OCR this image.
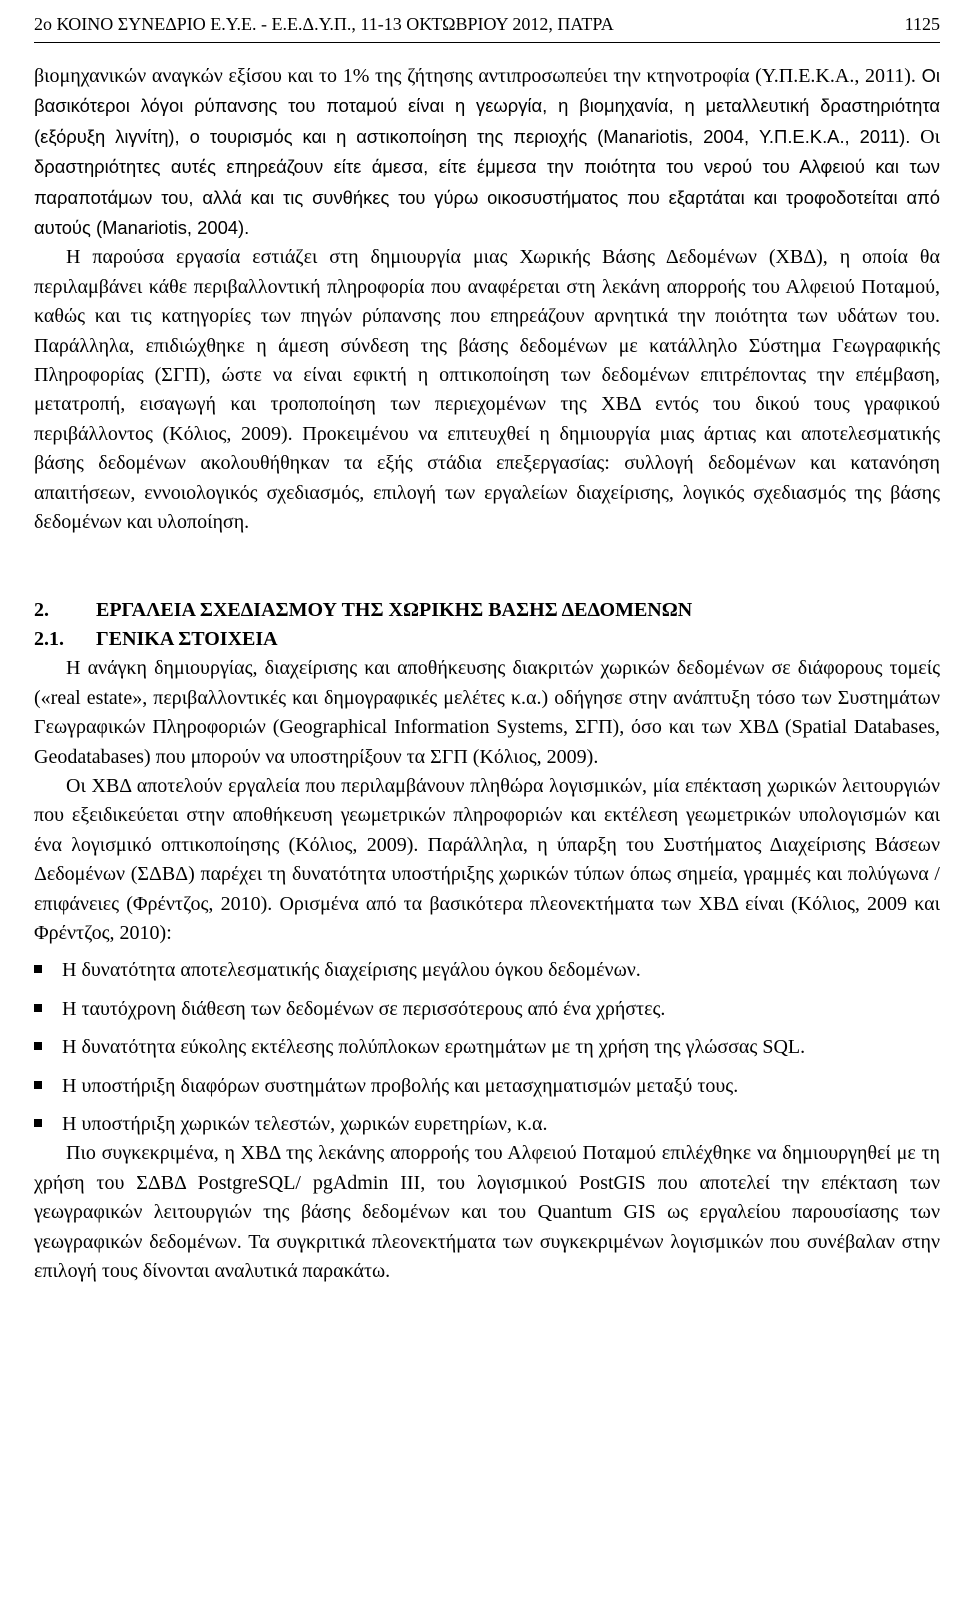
2ο ΚΟΙΝΟ ΣΥΝΕΔΡΙΟ Ε.Υ.Ε. - Ε.Ε.Δ.Υ.Π., 11-13 ΟΚΤΩΒΡΙΟΥ 2012, ΠΑΤΡΑ	1125

βιομηχανικών αναγκών εξίσου και το 1% της ζήτησης αντιπροσωπεύει την κτηνοτροφία (Υ.Π.Ε.Κ.Α., 2011). Οι βασικότεροι λόγοι ρύπανσης του ποταμού είναι η γεωργία, η βιομηχανία, η μεταλλευτική δραστηριότητα (εξόρυξη λιγνίτη), ο τουρισμός και η αστικοποίηση της περιοχής (Manariotis, 2004, Υ.Π.Ε.Κ.Α., 2011). Οι δραστηριότητες αυτές επηρεάζουν είτε άμεσα, είτε έμμεσα την ποιότητα του νερού του Αλφειού και των παραποτάμων του, αλλά και τις συνθήκες του γύρω οικοσυστήματος που εξαρτάται και τροφοδοτείται από αυτούς (Manariotis, 2004).

Η παρούσα εργασία εστιάζει στη δημιουργία μιας Χωρικής Βάσης Δεδομένων (ΧΒΔ), η οποία θα περιλαμβάνει κάθε περιβαλλοντική πληροφορία που αναφέρεται στη λεκάνη απορροής του Αλφειού Ποταμού, καθώς και τις κατηγορίες των πηγών ρύπανσης που επηρεάζουν αρνητικά την ποιότητα των υδάτων του. Παράλληλα, επιδιώχθηκε η άμεση σύνδεση της βάσης δεδομένων με κατάλληλο Σύστημα Γεωγραφικής Πληροφορίας (ΣΓΠ), ώστε να είναι εφικτή η οπτικοποίηση των δεδομένων επιτρέποντας την επέμβαση, μετατροπή, εισαγωγή και τροποποίηση των περιεχομένων της ΧΒΔ εντός του δικού τους γραφικού περιβάλλοντος (Κόλιος, 2009). Προκειμένου να επιτευχθεί η δημιουργία μιας άρτιας και αποτελεσματικής βάσης δεδομένων ακολουθήθηκαν τα εξής στάδια επεξεργασίας: συλλογή δεδομένων και κατανόηση απαιτήσεων, εννοιολογικός σχεδιασμός, επιλογή των εργαλείων διαχείρισης, λογικός σχεδιασμός της βάσης δεδομένων και υλοποίηση.

2.	ΕΡΓΑΛΕΙΑ ΣΧΕΔΙΑΣΜΟΥ ΤΗΣ ΧΩΡΙΚΗΣ ΒΑΣΗΣ ΔΕΔΟΜΕΝΩΝ
2.1.	ΓΕΝΙΚΑ ΣΤΟΙΧΕΙΑ

Η ανάγκη δημιουργίας, διαχείρισης και αποθήκευσης διακριτών χωρικών δεδομένων σε διάφορους τομείς («real estate», περιβαλλοντικές και δημογραφικές μελέτες κ.α.) οδήγησε στην ανάπτυξη τόσο των Συστημάτων Γεωγραφικών Πληροφοριών (Geographical Information Systems, ΣΓΠ), όσο και των ΧΒΔ (Spatial Databases, Geodatabases) που μπορούν να υποστηρίξουν τα ΣΓΠ (Κόλιος, 2009).

Οι ΧΒΔ αποτελούν εργαλεία που περιλαμβάνουν πληθώρα λογισμικών, μία επέκταση χωρικών λειτουργιών που εξειδικεύεται στην αποθήκευση γεωμετρικών πληροφοριών και εκτέλεση γεωμετρικών υπολογισμών και ένα λογισμικό οπτικοποίησης (Κόλιος, 2009). Παράλληλα, η ύπαρξη του Συστήματος Διαχείρισης Βάσεων Δεδομένων (ΣΔΒΔ) παρέχει τη δυνατότητα υποστήριξης χωρικών τύπων όπως σημεία, γραμμές και πολύγωνα / επιφάνειες (Φρέντζος, 2010). Ορισμένα από τα βασικότερα πλεονεκτήματα των ΧΒΔ είναι (Κόλιος, 2009 και Φρέντζος, 2010):

Η δυνατότητα αποτελεσματικής διαχείρισης μεγάλου όγκου δεδομένων.
Η ταυτόχρονη διάθεση των δεδομένων σε περισσότερους από ένα χρήστες.
Η δυνατότητα εύκολης εκτέλεσης πολύπλοκων ερωτημάτων με τη χρήση της γλώσσας SQL.
Η υποστήριξη διαφόρων συστημάτων προβολής και μετασχηματισμών μεταξύ τους.
Η υποστήριξη χωρικών τελεστών, χωρικών ευρετηρίων, κ.α.

Πιο συγκεκριμένα, η ΧΒΔ της λεκάνης απορροής του Αλφειού Ποταμού επιλέχθηκε να δημιουργηθεί με τη χρήση του ΣΔΒΔ PostgreSQL/ pgAdmin III, του λογισμικού PostGIS που αποτελεί την επέκταση των γεωγραφικών λειτουργιών της βάσης δεδομένων και του Quantum GIS ως εργαλείου παρουσίασης των γεωγραφικών δεδομένων. Τα συγκριτικά πλεονεκτήματα των συγκεκριμένων λογισμικών που συνέβαλαν στην επιλογή τους δίνονται αναλυτικά παρακάτω.
